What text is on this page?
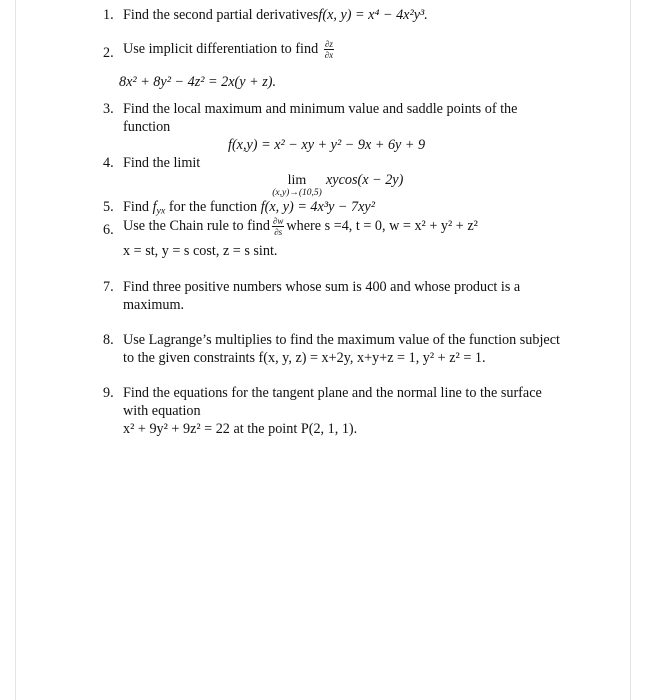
1. Find the second partial derivativesf(x, y) = x⁴ − 4x²y³.
2. Use implicit differentiation to find $\frac{\partial z}{\partial x}$
8x² + 8y² − 4z² = 2x(y + z).
3. Find the local maximum and minimum value and saddle points of the
function
f(x,y) = x² − xy + y² − 9x + 6y + 9
4. Find the limit
lim
(x,y)→(10,5)
xycos(x − 2y)
5. Find $f_{yx}$ for the function f(x, y) = 4x³y − 7xy²
6. Use the Chain rule to find $\frac{\partial w}{\partial s}$ where s =4, t = 0, w = x² + y² + z²
x = st, y = s cost, z = s sint.
7. Find three positive numbers whose sum is 400 and whose product is a
maximum.
8. Use Lagrange’s multiplies to find the maximum value of the function subject
to the given constraints f(x, y, z) = x+2y, x+y+z = 1, y² + z² = 1.
9. Find the equations for the tangent plane and the normal line to the surface
with equation
x² + 9y² + 9z² = 22 at the point P(2, 1, 1).
